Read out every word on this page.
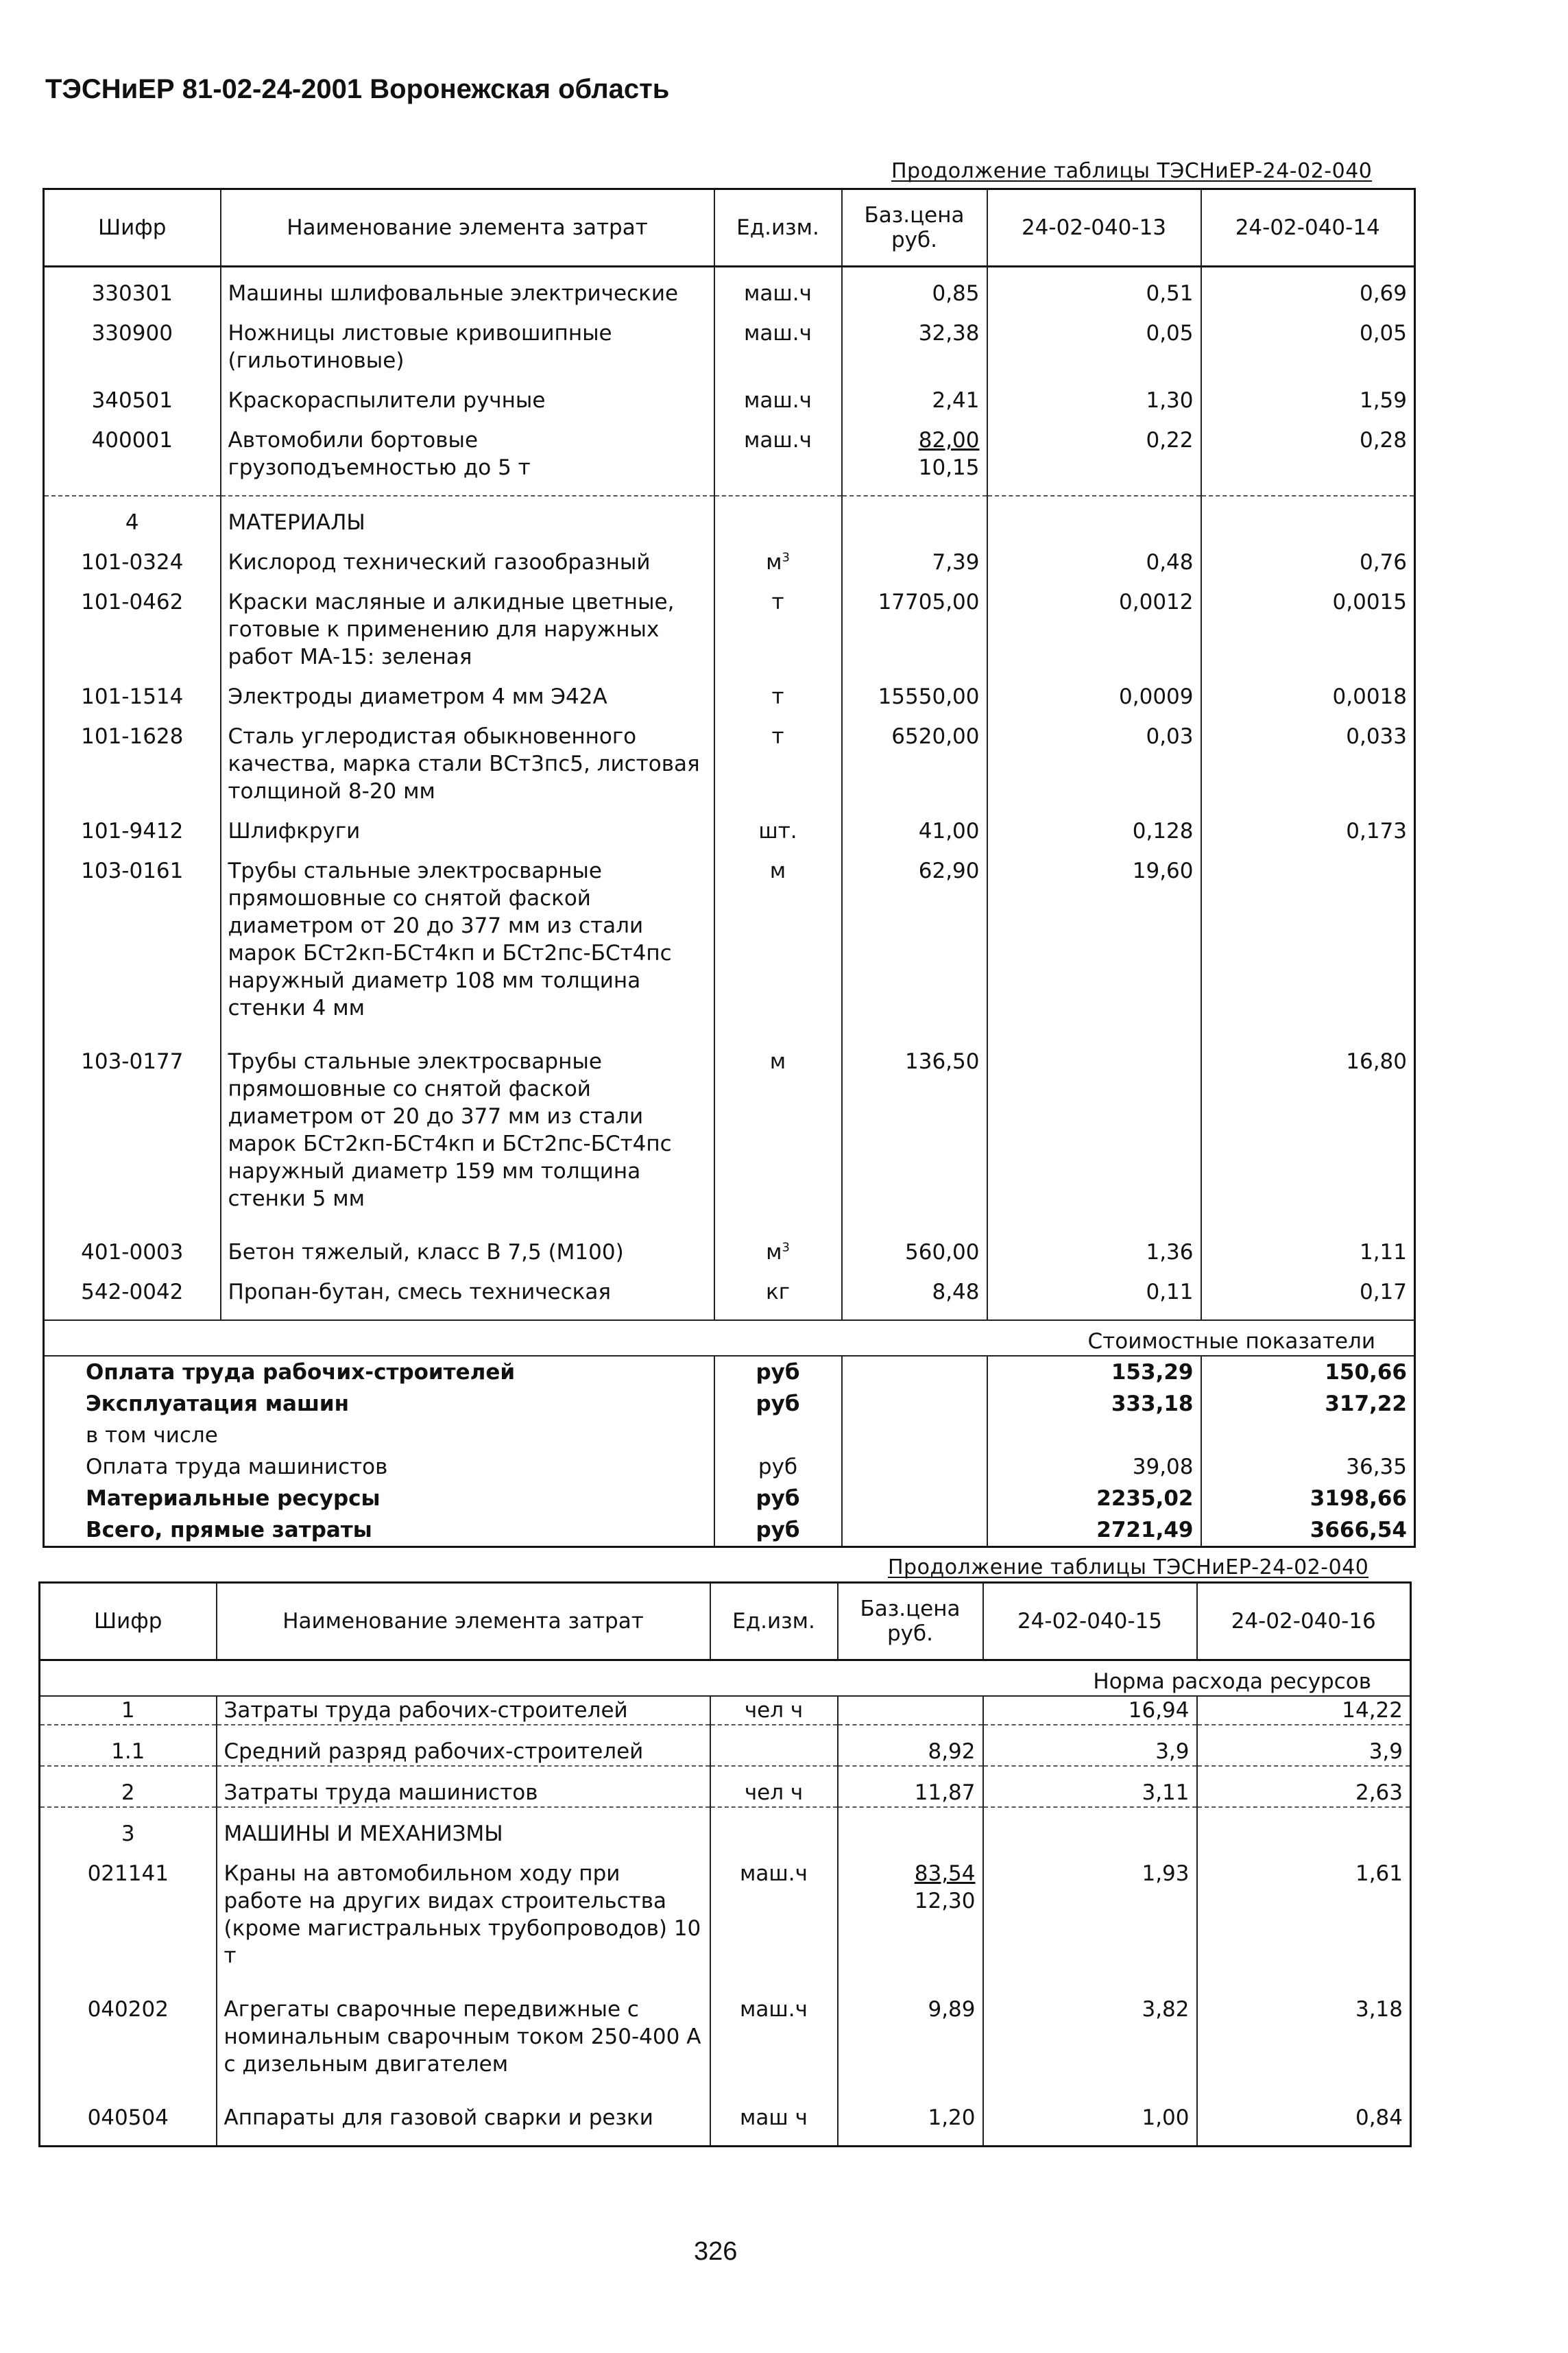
ТЭСНиЕР 81-02-24-2001 Воронежская область
Продолжение таблицы ТЭСНиЕР-24-02-040
Шифр	Наименование элемента затрат	Ед.изм.	Баз.цена руб.	24-02-040-13	24-02-040-14
330301	Машины шлифовальные электрические	маш.ч	0,85	0,51	0,69
330900	Ножницы листовые кривошипные (гильотиновые)	маш.ч	32,38	0,05	0,05
340501	Краскораспылители ручные	маш.ч	2,41	1,30	1,59
400001	Автомобили бортовые грузоподъемностью до 5 т	маш.ч	$\frac{82,00}{10,15}$	0,22	0,28
4	МАТЕРИАЛЫ				
101-0324	Кислород технический газообразный	$м^3$	7,39	0,48	0,76
101-0462	Краски масляные и алкидные цветные, готовые к применению для наружных работ МА-15: зеленая	т	17705,00	0,0012	0,0015
101-1514	Электроды диаметром 4 мм Э42А	т	15550,00	0,0009	0,0018
101-1628	Сталь углеродистая обыкновенного качества, марка стали ВСт3пс5, листовая толщиной 8-20 мм	т	6520,00	0,03	0,033
101-9412	Шлифкруги	шт.	41,00	0,128	0,173
103-0161	Трубы стальные электросварные прямошовные со снятой фаской диаметром от 20 до 377 мм из стали марок БСт2кп-БСт4кп и БСт2пс-БСт4пс наружный диаметр 108 мм толщина стенки 4 мм	м	62,90	19,60	
103-0177	Трубы стальные электросварные прямошовные со снятой фаской диаметром от 20 до 377 мм из стали марок БСт2кп-БСт4кп и БСт2пс-БСт4пс наружный диаметр 159 мм толщина стенки 5 мм	м	136,50		16,80
401-0003	Бетон тяжелый, класс В 7,5 (М100)	$м^3$	560,00	1,36	1,11
542-0042	Пропан-бутан, смесь техническая	кг	8,48	0,11	0,17
Стоимостные показатели					
Оплата труда рабочих-строителей		руб		153,29	150,66
Эксплуатация машин		руб		333,18	317,22
в том числе					
Оплата труда машинистов		руб		39,08	36,35
Материальные ресурсы		руб		2235,02	3198,66
Всего, прямые затраты		руб		2721,49	3666,54
Продолжение таблицы ТЭСНиЕР-24-02-040
Шифр	Наименование элемента затрат	Ед.изм.	Баз.цена руб.	24-02-040-15	24-02-040-16
Норма расхода ресурсов					
1	Затраты труда рабочих-строителей	чел ч		16,94	14,22
1.1	Средний разряд рабочих-строителей		8,92	3,9	3,9
2	Затраты труда машинистов	чел ч	11,87	3,11	2,63
3	МАШИНЫ И МЕХАНИЗМЫ				
021141	Краны на автомобильном ходу при работе на других видах строительства (кроме магистральных трубопроводов) 10 т	маш.ч	$\frac{83,54}{12,30}$	1,93	1,61
040202	Агрегаты сварочные передвижные с номинальным сварочным током 250-400 А с дизельным двигателем	маш.ч	9,89	3,82	3,18
040504	Аппараты для газовой сварки и резки	маш ч	1,20	1,00	0,84
326
